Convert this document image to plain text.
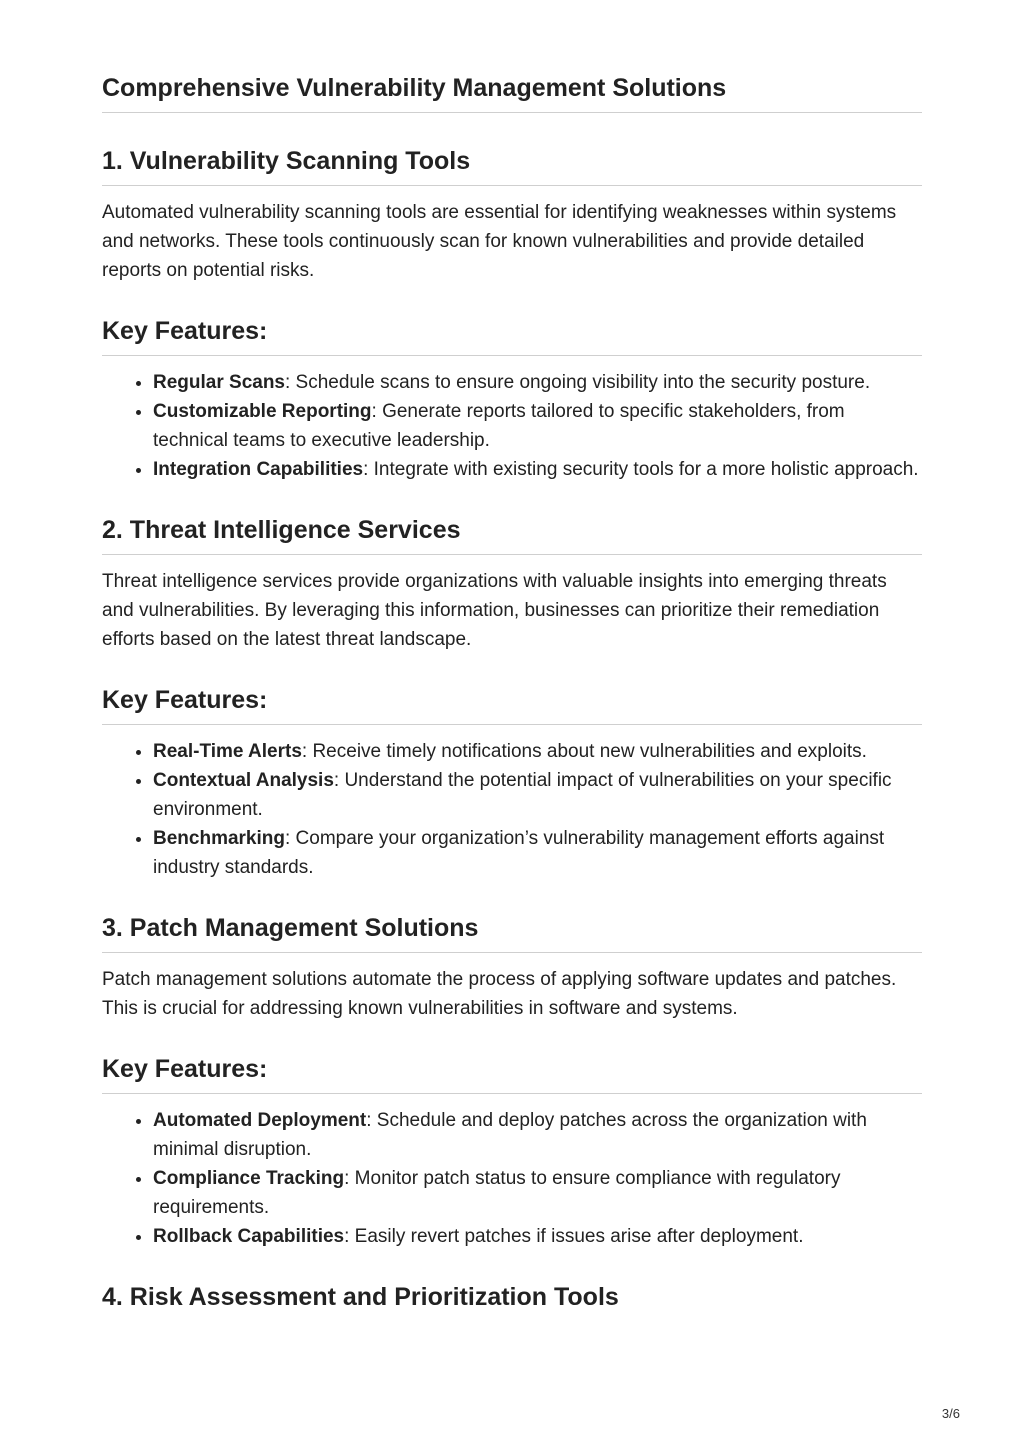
Comprehensive Vulnerability Management Solutions
1. Vulnerability Scanning Tools

Automated vulnerability scanning tools are essential for identifying weaknesses within systems and networks. These tools continuously scan for known vulnerabilities and provide detailed reports on potential risks.

Key Features:
• Regular Scans: Schedule scans to ensure ongoing visibility into the security posture.
• Customizable Reporting: Generate reports tailored to specific stakeholders, from technical teams to executive leadership.
• Integration Capabilities: Integrate with existing security tools for a more holistic approach.
2. Threat Intelligence Services

Threat intelligence services provide organizations with valuable insights into emerging threats and vulnerabilities. By leveraging this information, businesses can prioritize their remediation efforts based on the latest threat landscape.

Key Features:
• Real-Time Alerts: Receive timely notifications about new vulnerabilities and exploits.
• Contextual Analysis: Understand the potential impact of vulnerabilities on your specific environment.
• Benchmarking: Compare your organization’s vulnerability management efforts against industry standards.
3. Patch Management Solutions

Patch management solutions automate the process of applying software updates and patches. This is crucial for addressing known vulnerabilities in software and systems.

Key Features:
• Automated Deployment: Schedule and deploy patches across the organization with minimal disruption.
• Compliance Tracking: Monitor patch status to ensure compliance with regulatory requirements.
• Rollback Capabilities: Easily revert patches if issues arise after deployment.
4. Risk Assessment and Prioritization Tools
3/6
